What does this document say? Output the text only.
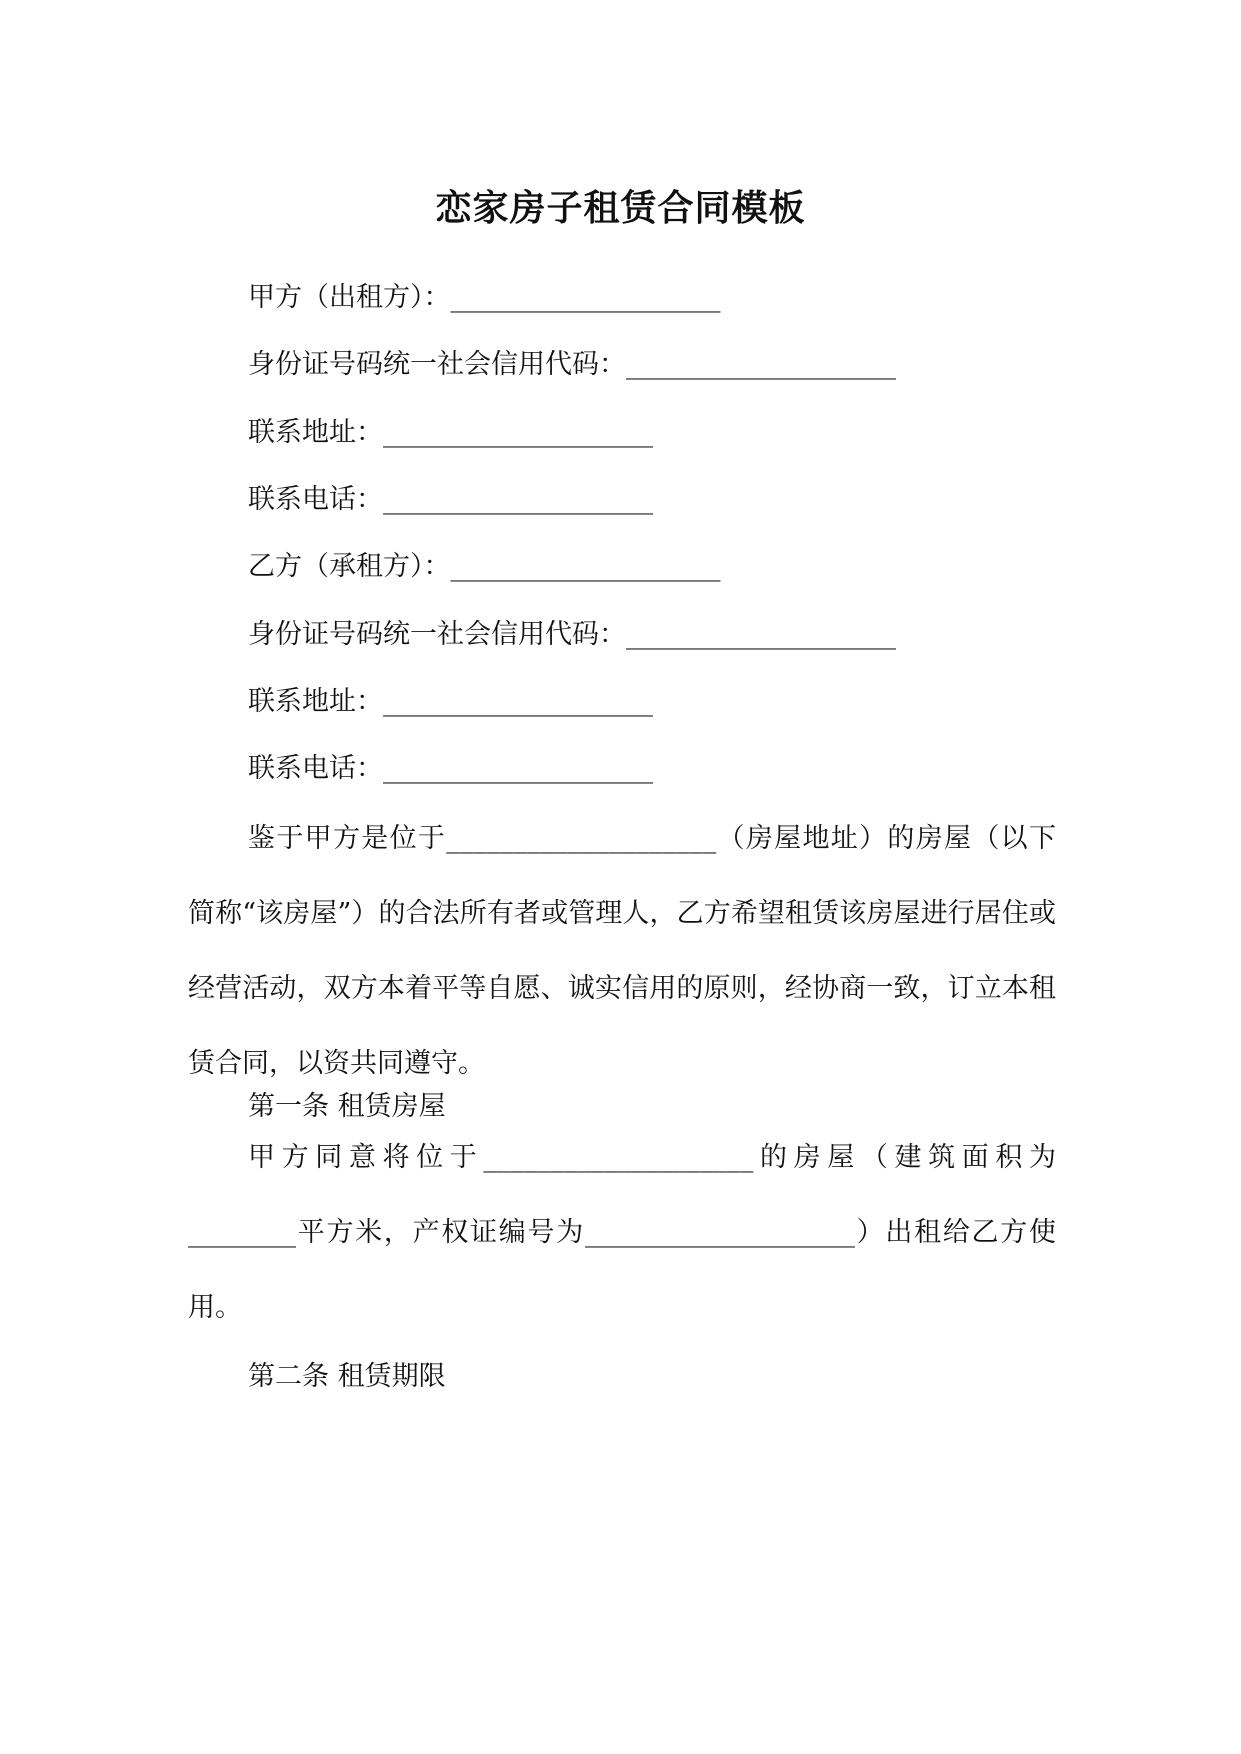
恋家房子租赁合同模板
甲方（出租方）：____________________
身份证号码统一社会信用代码：____________________
联系地址：____________________
联系电话：____________________
乙方（承租方）：____________________
身份证号码统一社会信用代码：____________________
联系地址：____________________
联系电话：____________________
鉴于甲方是位于____________________（房屋地址）的房屋（以下简称“该房屋”）的合法所有者或管理人，乙方希望租赁该房屋进行居住或经营活动，双方本着平等自愿、诚实信用的原则，经协商一致，订立本租赁合同，以资共同遵守。
第一条 租赁房屋
甲方同意将位于____________________的房屋（建筑面积为________平方米，产权证编号为____________________）出租给乙方使用。
第二条 租赁期限
